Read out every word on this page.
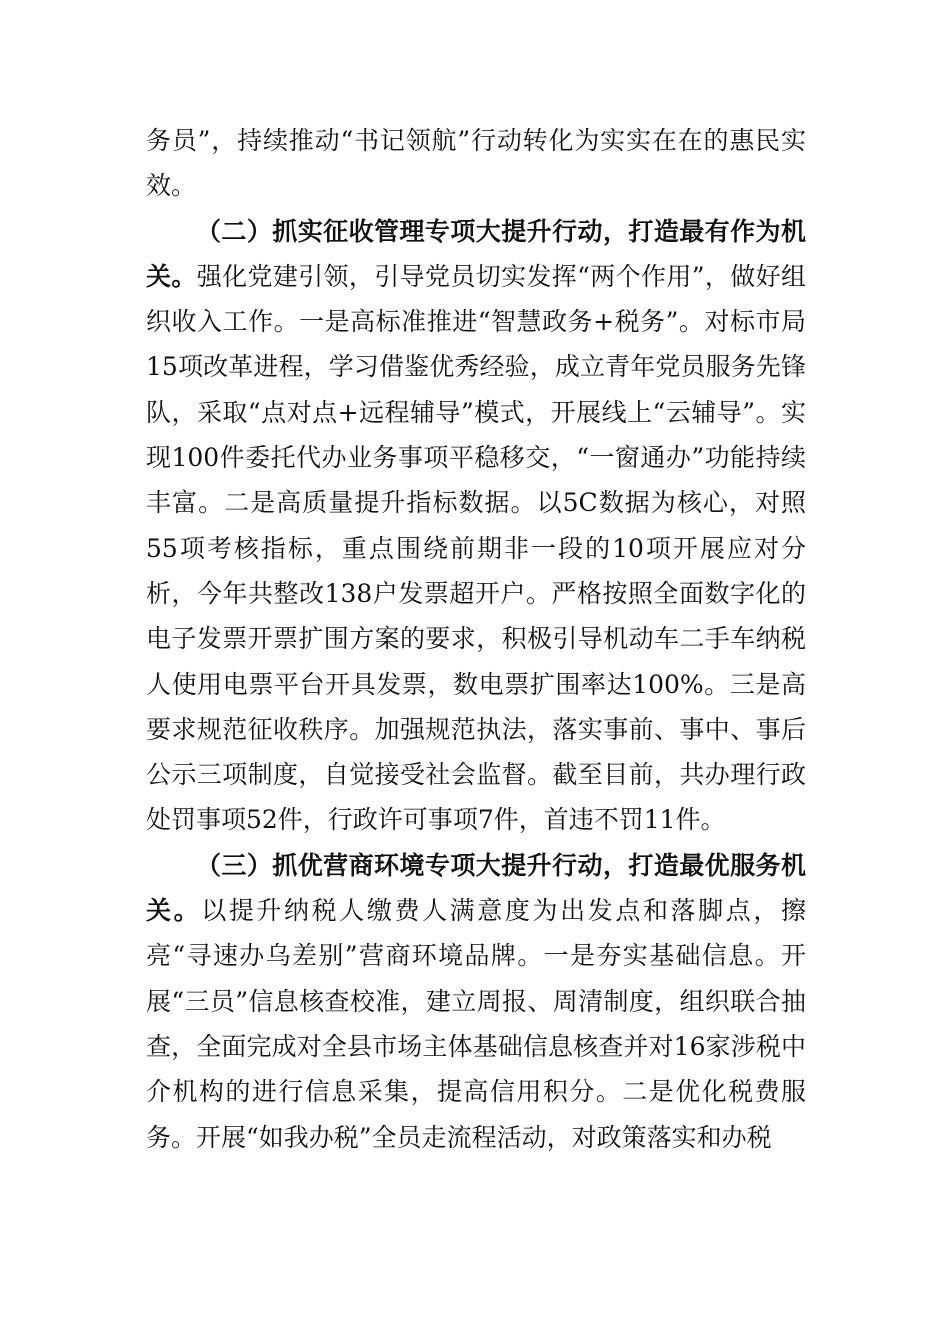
务员”，持续推动“书记领航”行动转化为实实在在的惠民实效。

（二）抓实征收管理专项大提升行动，打造最有作为机关。强化党建引领，引导党员切实发挥“两个作用”，做好组织收入工作。一是高标准推进“智慧政务+税务”。对标市局15项改革进程，学习借鉴优秀经验，成立青年党员服务先锋队，采取“点对点+远程辅导”模式，开展线上“云辅导”。实现100件委托代办业务事项平稳移交，“一窗通办”功能持续丰富。二是高质量提升指标数据。以5C数据为核心，对照55项考核指标，重点围绕前期非一段的10项开展应对分析，今年共整改138户发票超开户。严格按照全面数字化的电子发票开票扩围方案的要求，积极引导机动车二手车纳税人使用电票平台开具发票，数电票扩围率达100%。三是高要求规范征收秩序。加强规范执法，落实事前、事中、事后公示三项制度，自觉接受社会监督。截至目前，共办理行政处罚事项52件，行政许可事项7件，首违不罚11件。

（三）抓优营商环境专项大提升行动，打造最优服务机关。以提升纳税人缴费人满意度为出发点和落脚点，擦亮“寻速办乌差别”营商环境品牌。一是夯实基础信息。开展“三员”信息核查校准，建立周报、周清制度，组织联合抽查，全面完成对全县市场主体基础信息核查并对16家涉税中介机构的进行信息采集，提高信用积分。二是优化税费服务。开展“如我办税”全员走流程活动，对政策落实和办税
